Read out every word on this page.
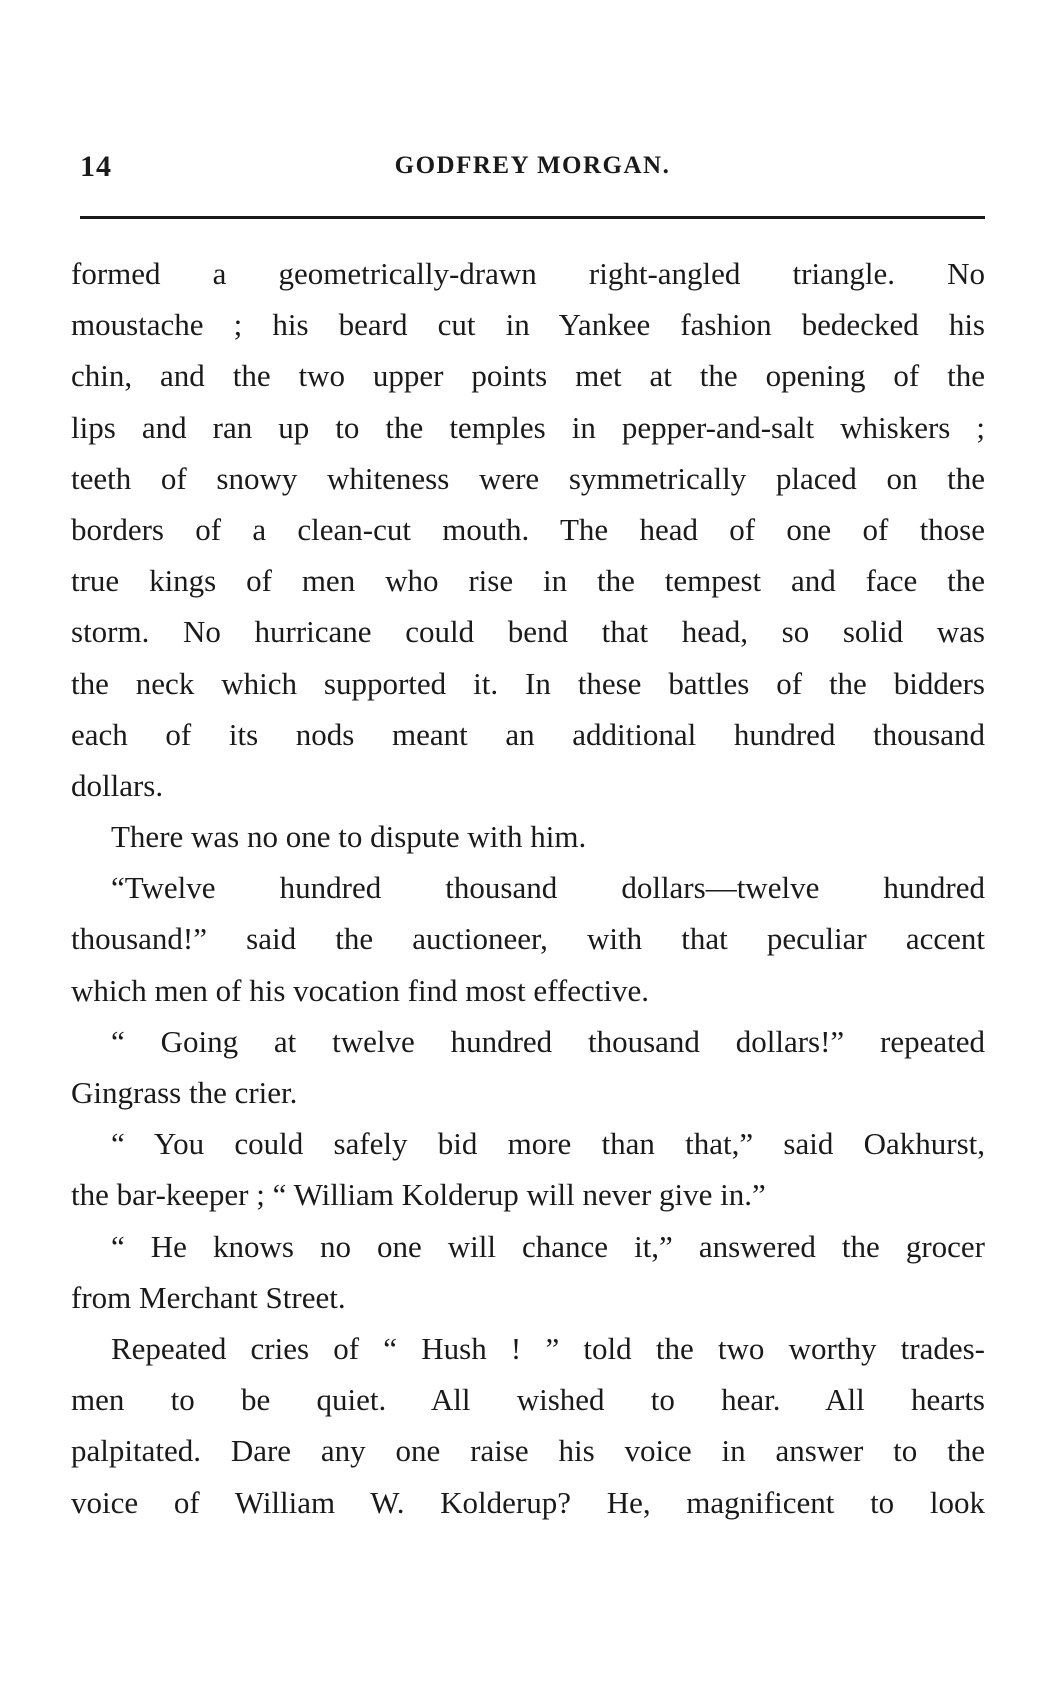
14	GODFREY MORGAN.
formed a geometrically-drawn right-angled triangle. No
moustache ; his beard cut in Yankee fashion bedecked his
chin, and the two upper points met at the opening of the
lips and ran up to the temples in pepper-and-salt whiskers ;
teeth of snowy whiteness were symmetrically placed on the
borders of a clean-cut mouth. The head of one of those
true kings of men who rise in the tempest and face the
storm. No hurricane could bend that head, so solid was
the neck which supported it. In these battles of the bidders
each of its nods meant an additional hundred thousand
dollars.
There was no one to dispute with him.
“Twelve hundred thousand dollars—twelve hundred
thousand!” said the auctioneer, with that peculiar accent
which men of his vocation find most effective.
“ Going at twelve hundred thousand dollars!” repeated
Gingrass the crier.
“ You could safely bid more than that,” said Oakhurst,
the bar-keeper ; “ William Kolderup will never give in.”
“ He knows no one will chance it,” answered the grocer
from Merchant Street.
Repeated cries of “ Hush ! ” told the two worthy trades-
men to be quiet. All wished to hear. All hearts
palpitated. Dare any one raise his voice in answer to the
voice of William W. Kolderup? He, magnificent to look
